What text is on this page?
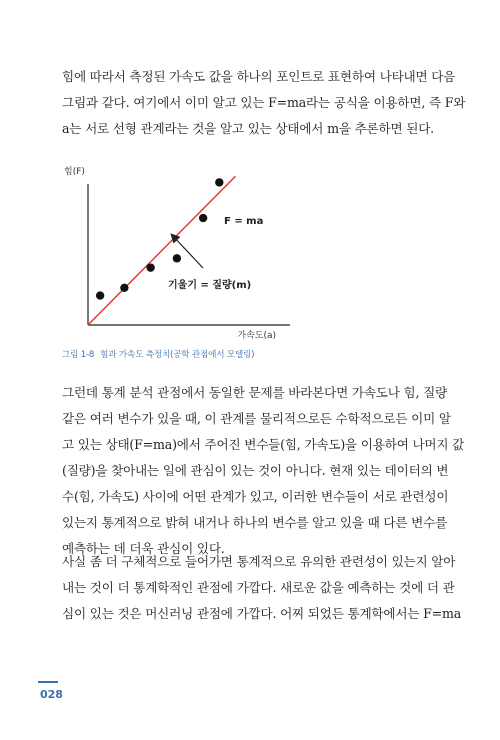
힘에 따라서 측정된 가속도 값을 하나의 포인트로 표현하여 나타내면 다음
그림과 같다. 여기에서 이미 알고 있는 F=ma라는 공식을 이용하면, 즉 F와
a는 서로 선형 관계라는 것을 알고 있는 상태에서 m을 추론하면 된다.

힘(F)
가속도(a)
F = ma
기울기 = 질량(m)
그림 1-8 힘과 가속도 측정치(공학 관점에서 모델링)

그런데 통계 분석 관점에서 동일한 문제를 바라본다면 가속도나 힘, 질량
같은 여러 변수가 있을 때, 이 관계를 물리적으로든 수학적으로든 이미 알
고 있는 상태(F=ma)에서 주어진 변수들(힘, 가속도)을 이용하여 나머지 값
(질량)을 찾아내는 일에 관심이 있는 것이 아니다. 현재 있는 데이터의 변
수(힘, 가속도) 사이에 어떤 관계가 있고, 이러한 변수들이 서로 관련성이
있는지 통계적으로 밝혀 내거나 하나의 변수를 알고 있을 때 다른 변수를
예측하는 데 더욱 관심이 있다.

사실 좀 더 구체적으로 들어가면 통계적으로 유의한 관련성이 있는지 알아
내는 것이 더 통계학적인 관점에 가깝다. 새로운 값을 예측하는 것에 더 관
심이 있는 것은 머신러닝 관점에 가깝다. 어찌 되었든 통계학에서는 F=ma

028
